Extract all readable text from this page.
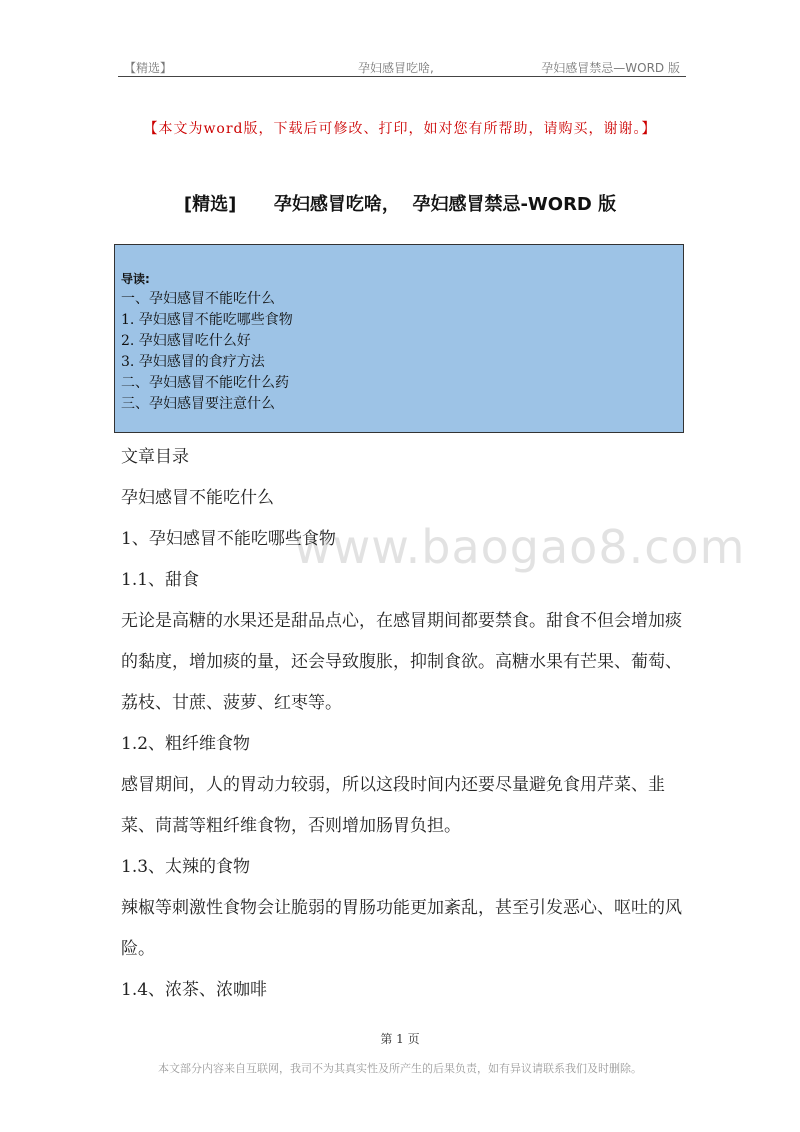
【精选】	孕妇感冒吃啥,	孕妇感冒禁忌—WORD 版
【本文为word版，下载后可修改、打印，如对您有所帮助，请购买，谢谢。】
[精选]      孕妇感冒吃啥，  孕妇感冒禁忌-WORD 版
导读:
一、孕妇感冒不能吃什么
1. 孕妇感冒不能吃哪些食物
2. 孕妇感冒吃什么好
3. 孕妇感冒的食疗方法
二、孕妇感冒不能吃什么药
三、孕妇感冒要注意什么
www.baogao8.com
文章目录
孕妇感冒不能吃什么
1、孕妇感冒不能吃哪些食物
1.1、甜食
无论是高糖的水果还是甜品点心，在感冒期间都要禁食。甜食不但会增加痰的黏度，增加痰的量，还会导致腹胀，抑制食欲。高糖水果有芒果、葡萄、荔枝、甘蔗、菠萝、红枣等。
1.2、粗纤维食物
感冒期间，人的胃动力较弱，所以这段时间内还要尽量避免食用芹菜、韭菜、茼蒿等粗纤维食物，否则增加肠胃负担。
1.3、太辣的食物
辣椒等刺激性食物会让脆弱的胃肠功能更加紊乱，甚至引发恶心、呕吐的风险。
1.4、浓茶、浓咖啡
第 1 页
本文部分内容来自互联网，我司不为其真实性及所产生的后果负责，如有异议请联系我们及时删除。
